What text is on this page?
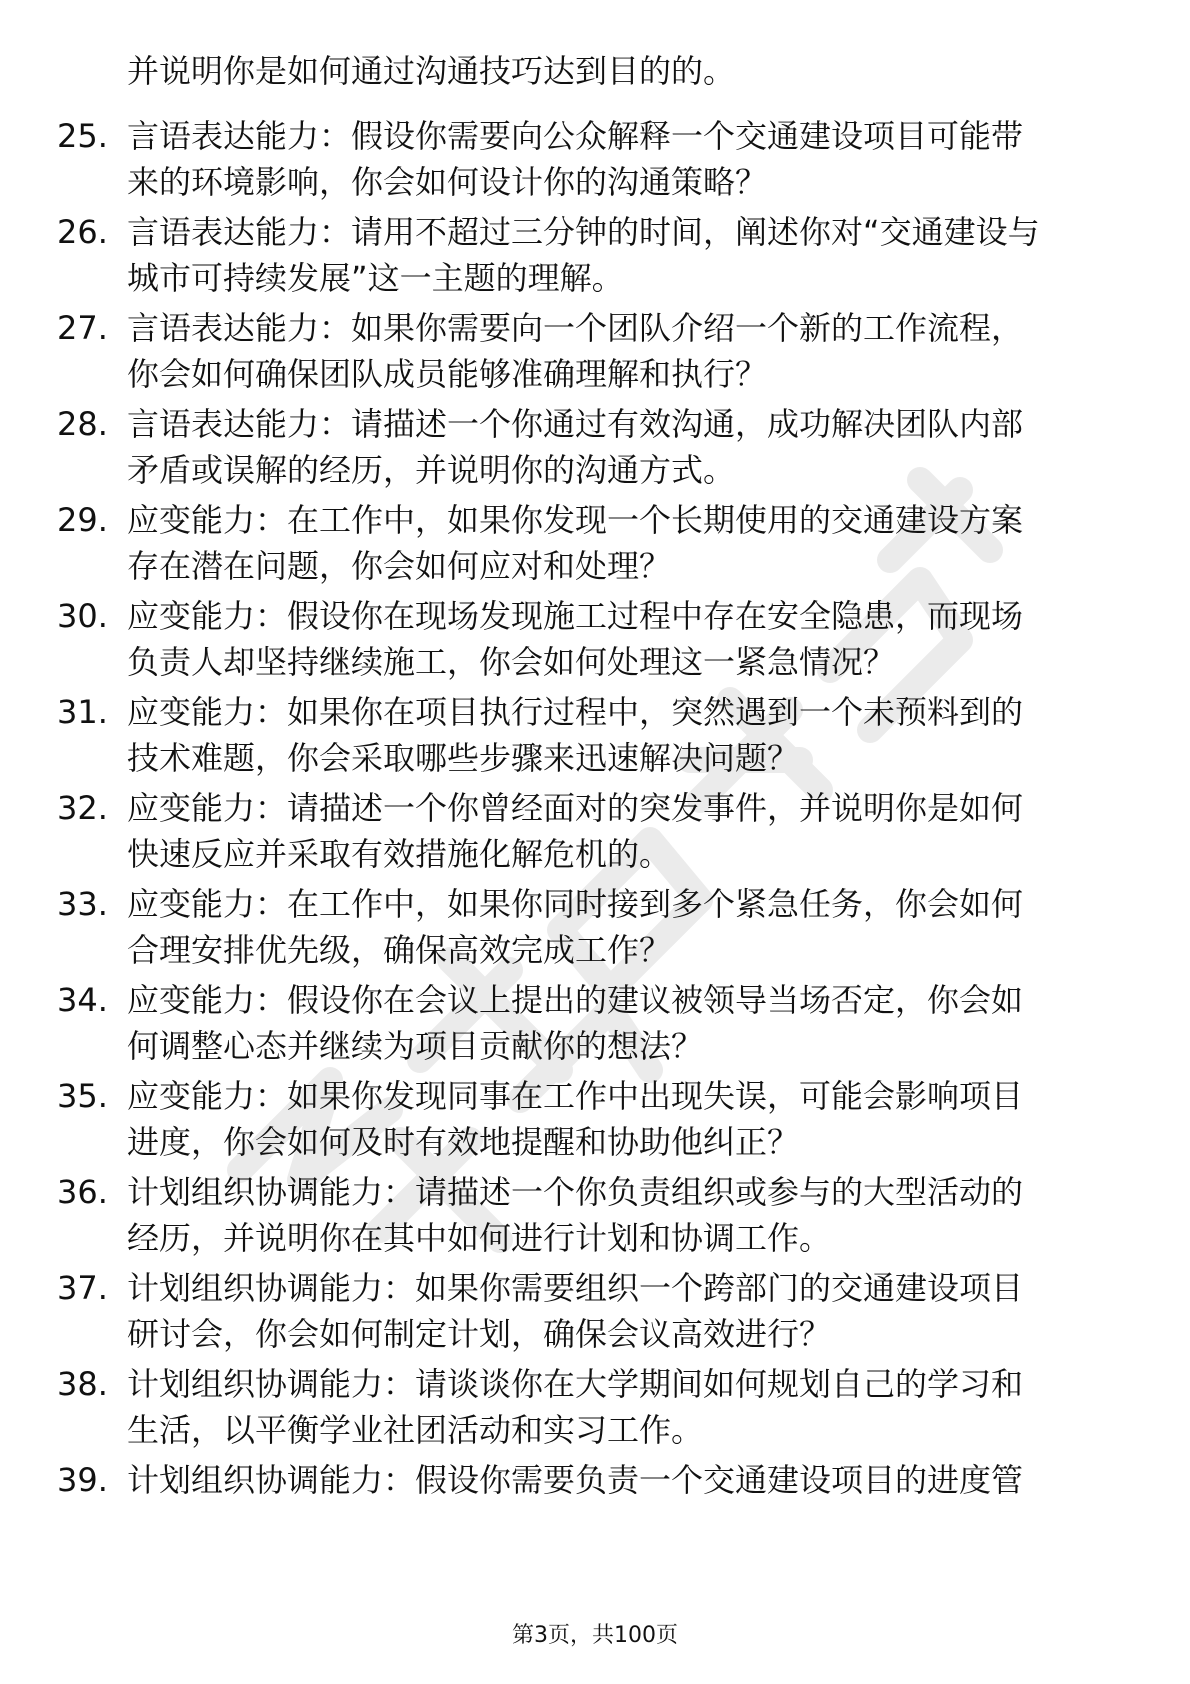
并说明你是如何通过沟通技巧达到目的的。
25. 言语表达能力：假设你需要向公众解释一个交通建设项目可能带
来的环境影响，你会如何设计你的沟通策略？
26. 言语表达能力：请用不超过三分钟的时间，阐述你对“交通建设与
城市可持续发展”这一主题的理解。
27. 言语表达能力：如果你需要向一个团队介绍一个新的工作流程，
你会如何确保团队成员能够准确理解和执行？
28. 言语表达能力：请描述一个你通过有效沟通，成功解决团队内部
矛盾或误解的经历，并说明你的沟通方式。
29. 应变能力：在工作中，如果你发现一个长期使用的交通建设方案
存在潜在问题，你会如何应对和处理？
30. 应变能力：假设你在现场发现施工过程中存在安全隐患，而现场
负责人却坚持继续施工，你会如何处理这一紧急情况？
31. 应变能力：如果你在项目执行过程中，突然遇到一个未预料到的
技术难题，你会采取哪些步骤来迅速解决问题？
32. 应变能力：请描述一个你曾经面对的突发事件，并说明你是如何
快速反应并采取有效措施化解危机的。
33. 应变能力：在工作中，如果你同时接到多个紧急任务，你会如何
合理安排优先级，确保高效完成工作？
34. 应变能力：假设你在会议上提出的建议被领导当场否定，你会如
何调整心态并继续为项目贡献你的想法？
35. 应变能力：如果你发现同事在工作中出现失误，可能会影响项目
进度，你会如何及时有效地提醒和协助他纠正？
36. 计划组织协调能力：请描述一个你负责组织或参与的大型活动的
经历，并说明你在其中如何进行计划和协调工作。
37. 计划组织协调能力：如果你需要组织一个跨部门的交通建设项目
研讨会，你会如何制定计划，确保会议高效进行？
38. 计划组织协调能力：请谈谈你在大学期间如何规划自己的学习和
生活，以平衡学业社团活动和实习工作。
39. 计划组织协调能力：假设你需要负责一个交通建设项目的进度管
第3页，共100页
